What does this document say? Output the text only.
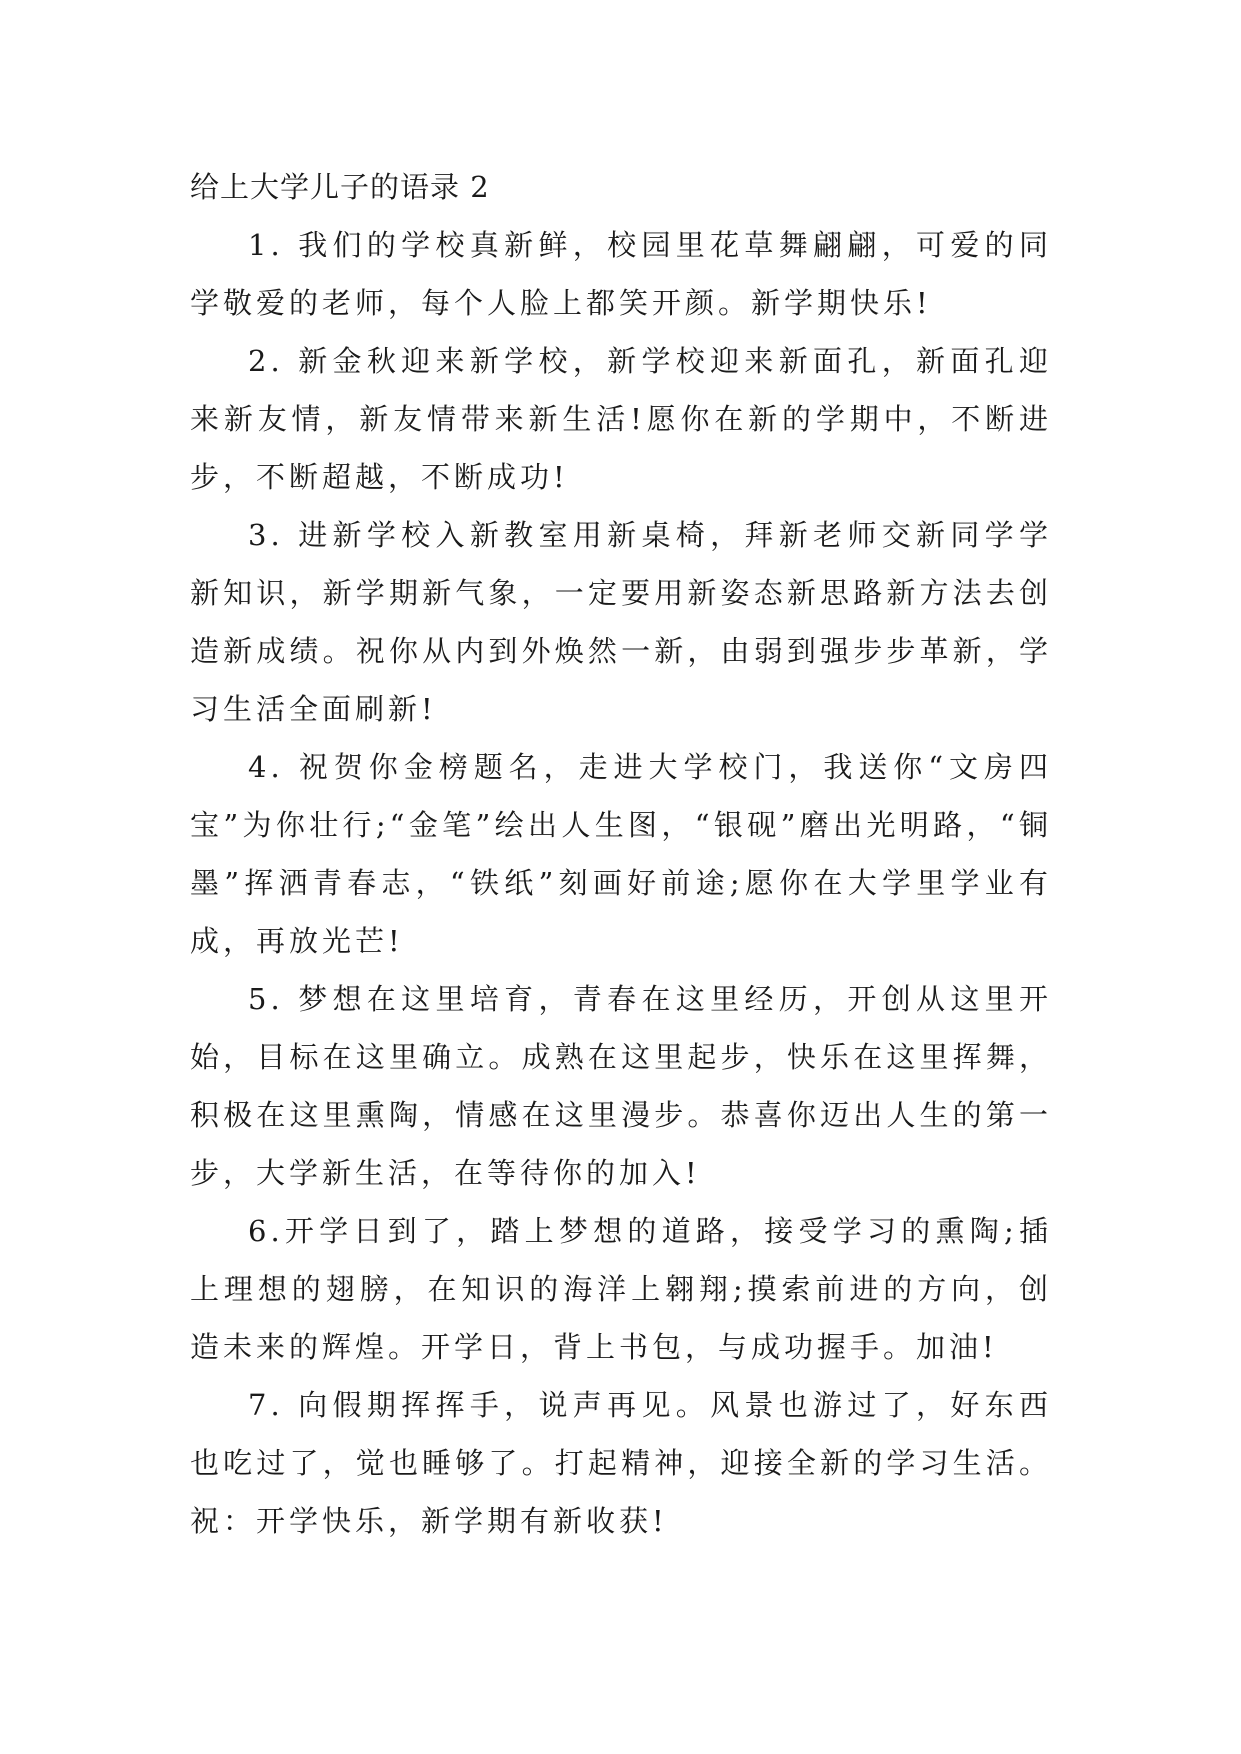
给上大学儿子的语录 2

1. 我们的学校真新鲜，校园里花草舞翩翩，可爱的同学敬爱的老师，每个人脸上都笑开颜。新学期快乐!

2. 新金秋迎来新学校，新学校迎来新面孔，新面孔迎来新友情，新友情带来新生活!愿你在新的学期中，不断进步，不断超越，不断成功!

3. 进新学校入新教室用新桌椅，拜新老师交新同学学新知识，新学期新气象，一定要用新姿态新思路新方法去创造新成绩。祝你从内到外焕然一新，由弱到强步步革新，学习生活全面刷新!

4. 祝贺你金榜题名，走进大学校门，我送你“文房四宝”为你壮行;“金笔”绘出人生图，“银砚”磨出光明路，“铜墨”挥洒青春志，“铁纸”刻画好前途;愿你在大学里学业有成，再放光芒!

5. 梦想在这里培育，青春在这里经历，开创从这里开始，目标在这里确立。成熟在这里起步，快乐在这里挥舞，积极在这里熏陶，情感在这里漫步。恭喜你迈出人生的第一步，大学新生活，在等待你的加入!

6.开学日到了，踏上梦想的道路，接受学习的熏陶;插上理想的翅膀，在知识的海洋上翱翔;摸索前进的方向，创造未来的辉煌。开学日，背上书包，与成功握手。加油!

7. 向假期挥挥手，说声再见。风景也游过了，好东西也吃过了，觉也睡够了。打起精神，迎接全新的学习生活。祝：开学快乐，新学期有新收获!
